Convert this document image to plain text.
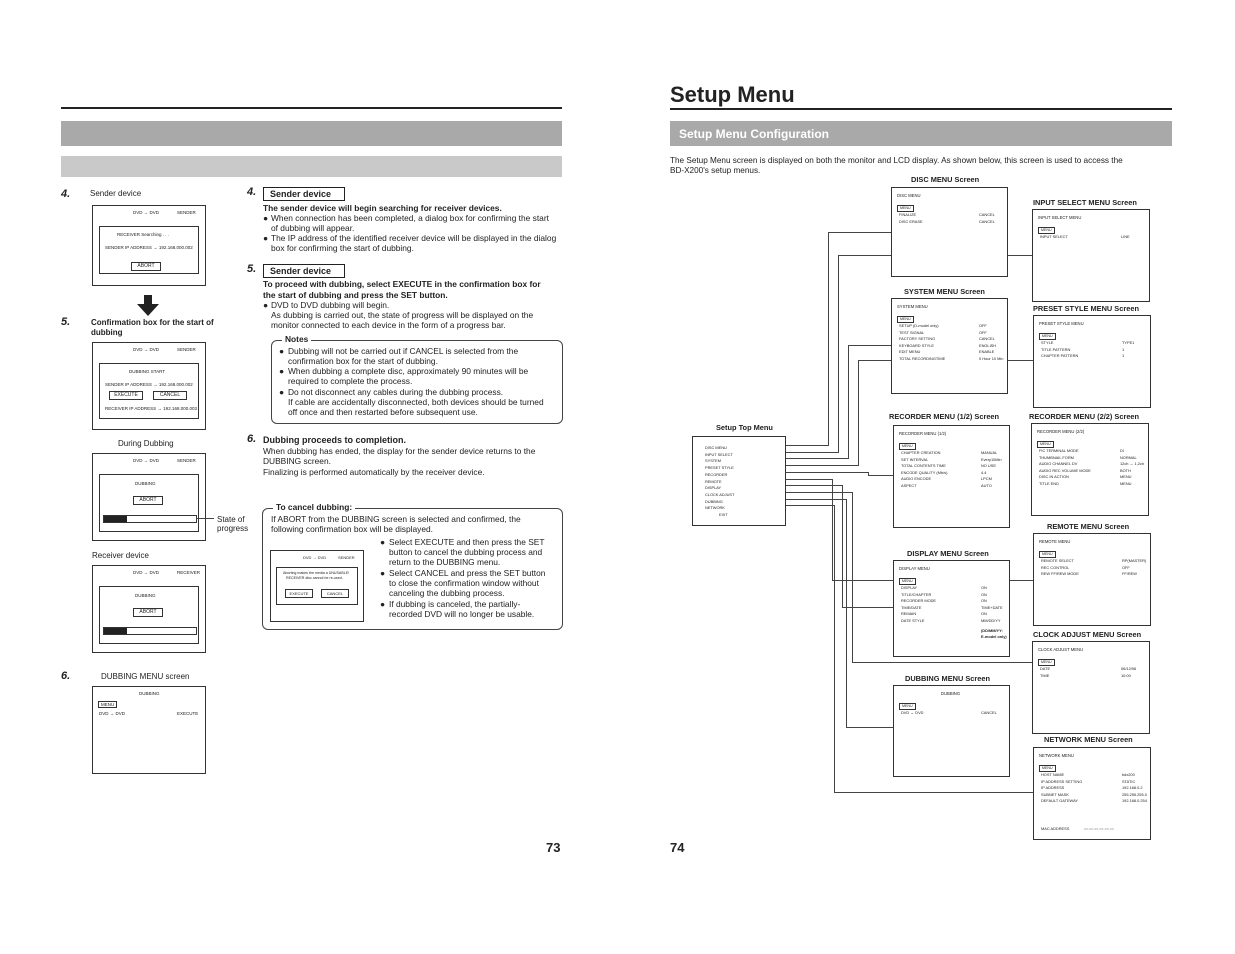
4. Sender device
DVD → DVD	SENDER
RECEIVER Searching . . .
SENDER IP ADDRESS → 192.168.000.002
ABORT
5.	Confirmation box for the start of dubbing
DVD → DVD	SENDER
DUBBING START
SENDER IP ADDRESS → 192.168.000.002
EXECUTE	CANCEL
RECEIVER IP ADDRESS → 192.168.000.003
During Dubbing
DVD → DVD	SENDER
DUBBING
ABORT
State of
progress
Receiver device
DVD → DVD	RECEIVER
DUBBING
ABORT
6.	DUBBING MENU screen
DUBBING
MENU
DVD → DVD	EXECUTE
4.	Sender device
The sender device will begin searching for receiver devices.
● When connection has been completed, a dialog box for confirming the start
of dubbing will appear.
● The IP address of the identified receiver device will be displayed in the dialog
box for confirming the start of dubbing.
5.	Sender device
To proceed with dubbing, select EXECUTE in the confirmation box for
the start of dubbing and press the SET button.
● DVD to DVD dubbing will begin.
As dubbing is carried out, the state of progress will be displayed on the
monitor connected to each device in the form of a progress bar.
Notes
● Dubbing will not be carried out if CANCEL is selected from the
confirmation box for the start of dubbing.
● When dubbing a complete disc, approximately 90 minutes will be
required to complete the process.
● Do not disconnect any cables during the dubbing process.
If cable are accidentally disconnected, both devices should be turned
off once and then restarted before subsequent use.
6. Dubbing proceeds to completion.
When dubbing has ended, the display for the sender device returns to the
DUBBING screen.
Finalizing is performed automatically by the receiver device.
To cancel dubbing:
If ABORT from the DUBBING screen is selected and confirmed, the
following confirmation box will be displayed.
DVD → DVD	SENDER
Aborting makes the media a UNUSABLE!
RECEIVER disc cannot be re-used.
EXECUTE	CANCEL
● Select EXECUTE and then press the SET
button to cancel the dubbing process and
return to the DUBBING menu.
● Select CANCEL and press the SET button
to close the confirmation window without
canceling the dubbing process.
● If dubbing is canceled, the partially-
recorded DVD will no longer be usable.
73
Setup Menu
Setup Menu Configuration
The Setup Menu screen is displayed on both the monitor and LCD display. As shown below, this screen is used to access the
BD-X200's setup menus.
Setup Top Menu
DISC MENU
INPUT SELECT
SYSTEM
PRESET STYLE
RECORDER
REMOTE
DISPLAY
CLOCK ADJUST
DUBBING
NETWORK
EXIT
DISC MENU
MENU
FINALIZE	CANCEL
DISC ERASE	CANCEL
SYSTEM MENU
MENU
SETUP (D-model only)	OFF
TEST SIGNAL	OFF
FACTORY SETTING	CANCEL
KEYBOARD STYLE	ENGLISH
EDIT MENU	ENABLE
TOTAL RECORDINGTIME	0 Hour 10 Min
RECORDER MENU (1/2)
MENU
CHAPTER CREATION	MANUAL
SET INTERVAL	Every10Min
TOTAL CONTENTS TIME	NO USE
ENCODE QUALITY (Mb/s)	4.4
AUDIO ENCODE	LPCM
ASPECT	AUTO
DISPLAY MENU
MENU
DISPLAY	ON
TITLE/CHAPTER	ON
RECORDER MODE	ON
TIME/DATE	TIME+DATE
REMAIN	ON
DATE STYLE	MM/DD/YY
(DD/MM/YY:
E-model only)
DUBBING
MENU
DVD → DVD	CANCEL
INPUT SELECT MENU
MENU
INPUT SELECT	LINE
PRESET STYLE MENU
MENU
STYLE	TYPE1
TITLE PATTERN	1
CHAPTER PATTERN	1
RECORDER MENU (2/2)
MENU
FIC TERMINAL MODE	DI
THUMBNAIL FORM	NORMAL
AUDIO CHANNEL DV	12ch → 1,2ch
AUDIO REC VOLUME MODE	BOTH
DISC IN ACTION	MENU
TITLE END	MENU
REMOTE MENU
MENU
REMOTE SELECT	RP(MASTER)
REC CONTROL	OFF
REW FF/REW MODE	FF/REW
CLOCK ADJUST MENU
MENU
DATE	06/12/06
TIME	10:00
NETWORK MENU
MENU
HOST NAME	bdx200
IP ADDRESS SETTING	STATIC
IP ADDRESS	192.168.0.2
SUBNET MASK	255.255.255.0
DEFAULT GATEWAY	192.168.0.254
MAC ADDRESS	xx-xx-xx-xx-xx-xx
DISC MENU Screen
SYSTEM MENU Screen
RECORDER MENU (1/2) Screen
DISPLAY MENU Screen
DUBBING MENU Screen
INPUT SELECT MENU Screen
PRESET STYLE MENU Screen
RECORDER MENU (2/2) Screen
REMOTE MENU Screen
CLOCK ADJUST MENU Screen
NETWORK MENU Screen
74
